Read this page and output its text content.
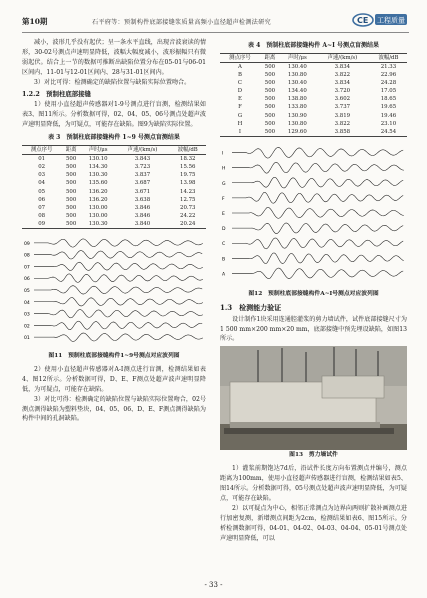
第10期	石平府等：预制构件底部接缝浆质量高频小直径超声检测法研究	CE 工程质量

减小，波形几乎没有起伏；呈一条水平直线，出现音波衰读的情形，30-02号测点声速明显降低，波幅大幅度减小，波形振幅只有微弱起伏。结合上一节的数据可推断出缺陷位置分布在05-01与06-01区间内、11-01与12-01区间内、28与31-01区间内。

3）对比可得：检测确定的缺陷位置与缺陷实际位置吻合。

1.2.2　预制柱底部接缝

1）使用小直径超声传感器对1-9号测点进行盲测，检测结果如表3、图11所示。分析数据可得，02、04、05、06号测点处超声波声速明显降低，为可疑点，可能存在缺陷。图9为缺陷实际位置。

表 3　预制柱底部接缝构件 1~9 号测点盲测结果
测点序号	距离	声时/μs	声速/(km/s)	波幅/dB
01	500	130.10	3.843	18.32
02	500	134.30	3.723	15.56
03	500	130.30	3.837	19.75
04	500	135.60	3.687	13.98
05	500	136.20	3.671	14.23
06	500	136.20	3.638	12.75
07	500	130.00	3.846	20.73
08	500	130.00	3.846	24.22
09	500	130.30	3.840	20.24
09
08
07
06
05
04
03
02
01
图11　预制柱底部接缝构件1~9号测点对应波列图

2）使用小直径超声传感器对A-I测点进行盲测，检测结果如表4、图12所示。分析数据可得，D、E、F测点处超声波声速明显降低，为可疑点，可能存在缺陷。

3）对比可得：检测确定的缺陷位置与缺陷实际位置吻合，02号测点测得缺陷为塑料垫块，04、05、06、D、E、F测点测得缺陷为构件中间的孔洞缺陷。

表 4　预制柱底部接缝构件 A~I 号测点盲测结果
测点序号	距离	声时/μs	声速/(km/s)	波幅/dB
A	500	130.40	3.834	21.33
B	500	130.80	3.822	22.96
C	500	130.40	3.834	24.28
D	500	134.40	3.720	17.05
E	500	138.80	3.602	18.65
F	500	133.80	3.737	19.65
G	500	130.90	3.819	19.46
H	500	130.80	3.822	23.10
I	500	129.60	3.858	24.54
I
H
G
F
E
D
C
B
A
图12　预制柱底部接缝构件A~I号测点对应波列图
1.3　检测能力验证

设计制作1块采用连通腔灌浆的剪力墙试件，试件底部接缝尺寸为1 500 mm×200 mm×20 mm，底部接缝中预先埋设缺陷，如图13所示。

图13　剪力墙试件

1）灌浆前期饱达7d后，沿试件长度方向布置测点并编号，测点距离为100mm，使用小直径超声传感器进行盲测，检测结果如表5、图14所示。分析数据可得，05号测点处超声波声速明显降低，为可疑点，可能存在缺陷。

2）以可疑点为中心，相邻正常测点为边界向两则扩散补画测点进行加密复测，新增测点间距为2cm，检测结果如表6、图15所示。分析检测数据可得，04-01、04-02、04-03、04-04、05-01号测点处声速明显降低，可以

- 33 -
